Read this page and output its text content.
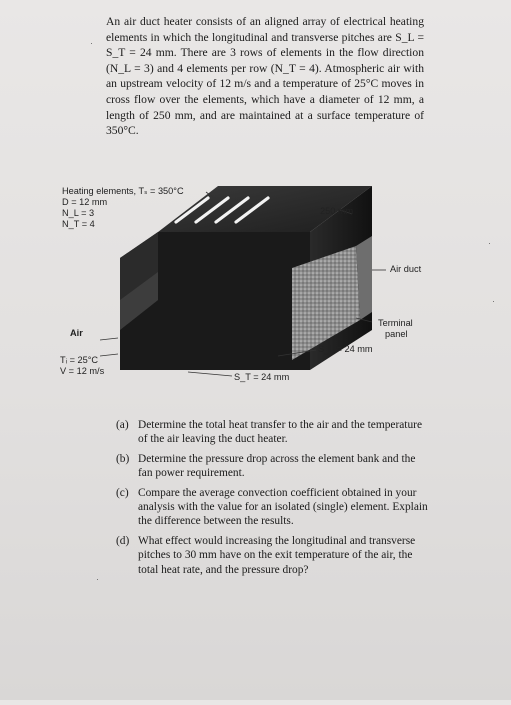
An air duct heater consists of an aligned array of electrical heating elements in which the longitudinal and transverse pitches are S_L = S_T = 24 mm. There are 3 rows of elements in the flow direction (N_L = 3) and 4 elements per row (N_T = 4). Atmospheric air with an upstream velocity of 12 m/s and a temperature of 25°C moves in cross flow over the elements, which have a diameter of 12 mm, a length of 250 mm, and are maintained at a surface temperature of 350°C.
Heating elements, Tₛ = 350°C
D = 12 mm
N_L = 3
N_T = 4
250 mm
Air duct
Air
Terminal
panel
Tᵢ = 25°C
V = 12 m/s
S_L = 24 mm
S_T = 24 mm
(a) Determine the total heat transfer to the air and the temperature of the air leaving the duct heater.
(b) Determine the pressure drop across the element bank and the fan power requirement.
(c) Compare the average convection coefficient obtained in your analysis with the value for an isolated (single) element. Explain the difference between the results.
(d) What effect would increasing the longitudinal and transverse pitches to 30 mm have on the exit temperature of the air, the total heat rate, and the pressure drop?
·
·
·
·
